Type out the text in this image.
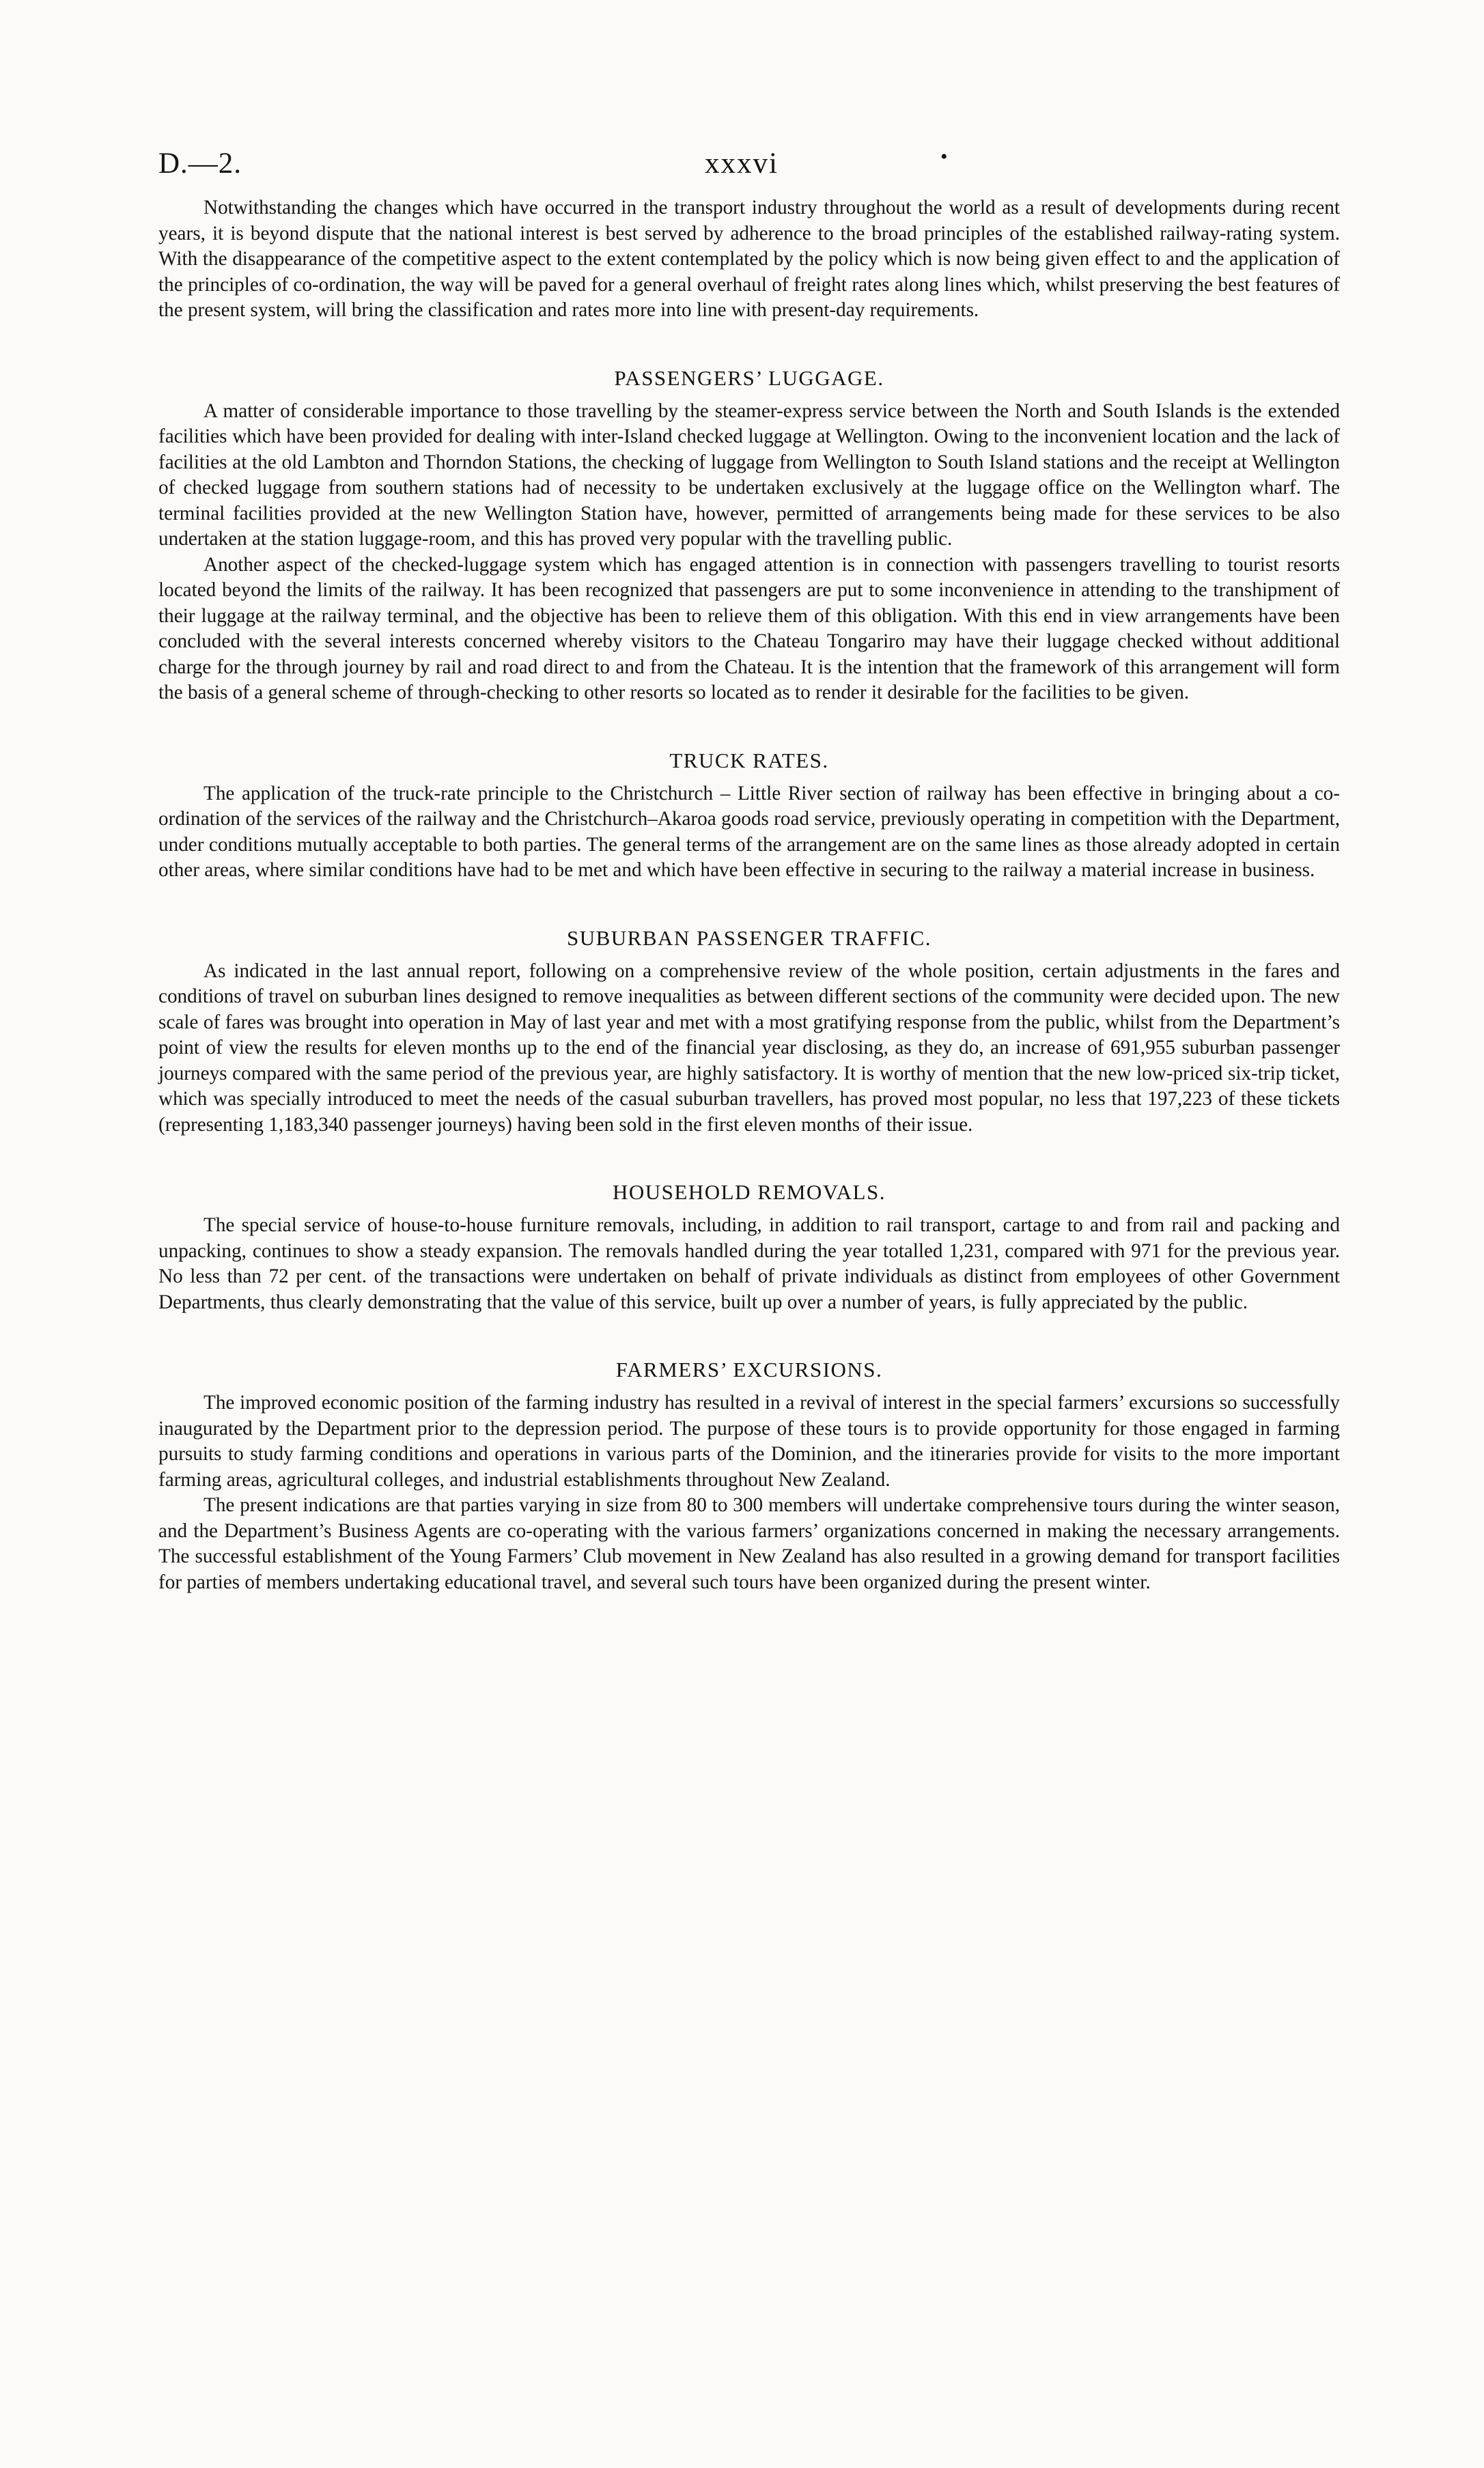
D.—2.	xxxvi	•

Notwithstanding the changes which have occurred in the transport industry throughout the world as a result of developments during recent years, it is beyond dispute that the national interest is best served by adherence to the broad principles of the established railway-rating system. With the disappearance of the competitive aspect to the extent contemplated by the policy which is now being given effect to and the application of the principles of co-ordination, the way will be paved for a general overhaul of freight rates along lines which, whilst preserving the best features of the present system, will bring the classification and rates more into line with present-day requirements.

PASSENGERS’ LUGGAGE.

A matter of considerable importance to those travelling by the steamer-express service between the North and South Islands is the extended facilities which have been provided for dealing with inter-Island checked luggage at Wellington. Owing to the inconvenient location and the lack of facilities at the old Lambton and Thorndon Stations, the checking of luggage from Wellington to South Island stations and the receipt at Wellington of checked luggage from southern stations had of necessity to be undertaken exclusively at the luggage office on the Wellington wharf. The terminal facilities provided at the new Wellington Station have, however, permitted of arrangements being made for these services to be also undertaken at the station luggage-room, and this has proved very popular with the travelling public.

Another aspect of the checked-luggage system which has engaged attention is in connection with passengers travelling to tourist resorts located beyond the limits of the railway. It has been recognized that passengers are put to some inconvenience in attending to the transhipment of their luggage at the railway terminal, and the objective has been to relieve them of this obligation. With this end in view arrangements have been concluded with the several interests concerned whereby visitors to the Chateau Tongariro may have their luggage checked without additional charge for the through journey by rail and road direct to and from the Chateau. It is the intention that the framework of this arrangement will form the basis of a general scheme of through-checking to other resorts so located as to render it desirable for the facilities to be given.

TRUCK RATES.

The application of the truck-rate principle to the Christchurch – Little River section of railway has been effective in bringing about a co-ordination of the services of the railway and the Christchurch–Akaroa goods road service, previously operating in competition with the Department, under conditions mutually acceptable to both parties. The general terms of the arrangement are on the same lines as those already adopted in certain other areas, where similar conditions have had to be met and which have been effective in securing to the railway a material increase in business.

SUBURBAN PASSENGER TRAFFIC.

As indicated in the last annual report, following on a comprehensive review of the whole position, certain adjustments in the fares and conditions of travel on suburban lines designed to remove inequalities as between different sections of the community were decided upon. The new scale of fares was brought into operation in May of last year and met with a most gratifying response from the public, whilst from the Department’s point of view the results for eleven months up to the end of the financial year disclosing, as they do, an increase of 691,955 suburban passenger journeys compared with the same period of the previous year, are highly satisfactory. It is worthy of mention that the new low-priced six-trip ticket, which was specially introduced to meet the needs of the casual suburban travellers, has proved most popular, no less that 197,223 of these tickets (representing 1,183,340 passenger journeys) having been sold in the first eleven months of their issue.

HOUSEHOLD REMOVALS.

The special service of house-to-house furniture removals, including, in addition to rail transport, cartage to and from rail and packing and unpacking, continues to show a steady expansion. The removals handled during the year totalled 1,231, compared with 971 for the previous year. No less than 72 per cent. of the transactions were undertaken on behalf of private individuals as distinct from employees of other Government Departments, thus clearly demonstrating that the value of this service, built up over a number of years, is fully appreciated by the public.

FARMERS’ EXCURSIONS.

The improved economic position of the farming industry has resulted in a revival of interest in the special farmers’ excursions so successfully inaugurated by the Department prior to the depression period. The purpose of these tours is to provide opportunity for those engaged in farming pursuits to study farming conditions and operations in various parts of the Dominion, and the itineraries provide for visits to the more important farming areas, agricultural colleges, and industrial establishments throughout New Zealand.

The present indications are that parties varying in size from 80 to 300 members will undertake comprehensive tours during the winter season, and the Department’s Business Agents are co-operating with the various farmers’ organizations concerned in making the necessary arrangements. The successful establishment of the Young Farmers’ Club movement in New Zealand has also resulted in a growing demand for transport facilities for parties of members undertaking educational travel, and several such tours have been organized during the present winter.
